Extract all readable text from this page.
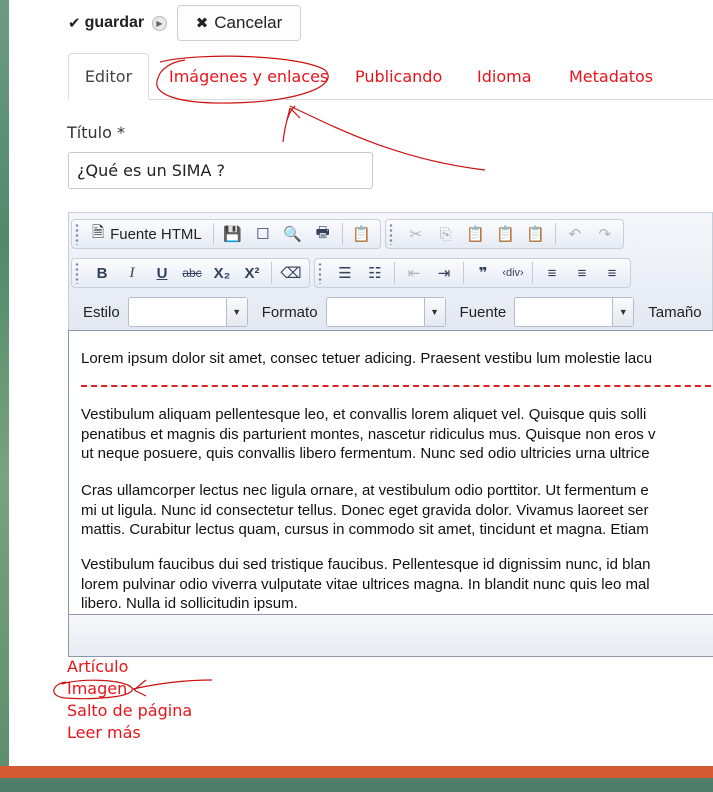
✔ guardar	▶ ✖ Cancelar
Editor	Imágenes y enlaces Publicando Idioma Metadatos
Título *
¿Qué es un SIMA ?
🗎 Fuente HTML	💾 ☐ 🔍 🖶	📋	✂	⎘ 📋 📋 📋	↶	↷
B	I	U	abc X₂ X²	⌫	☰	☷	⇤	⇥	❞	‹div›	≡	≡	≡
Estilo	▼	Formato	▼	Fuente	▼	Tamaño

Lorem ipsum dolor sit amet, consec tetuer adicing. Praesent vestibu lum molestie lacu

Vestibulum aliquam pellentesque leo, et convallis lorem aliquet vel. Quisque quis solli

penatibus et magnis dis parturient montes, nascetur ridiculus mus. Quisque non eros v

ut neque posuere, quis convallis libero fermentum. Nunc sed odio ultricies urna ultrice

Cras ullamcorper lectus nec ligula ornare, at vestibulum odio porttitor. Ut fermentum e

mi ut ligula. Nunc id consectetur tellus. Donec eget gravida dolor. Vivamus laoreet ser

mattis. Curabitur lectus quam, cursus in commodo sit amet, tincidunt et magna. Etiam

Vestibulum faucibus dui sed tristique faucibus. Pellentesque id dignissim nunc, id blan

lorem pulvinar odio viverra vulputate vitae ultrices magna. In blandit nunc quis leo mal

libero. Nulla id sollicitudin ipsum.

Artículo
Imagen
Salto de página
Leer más
